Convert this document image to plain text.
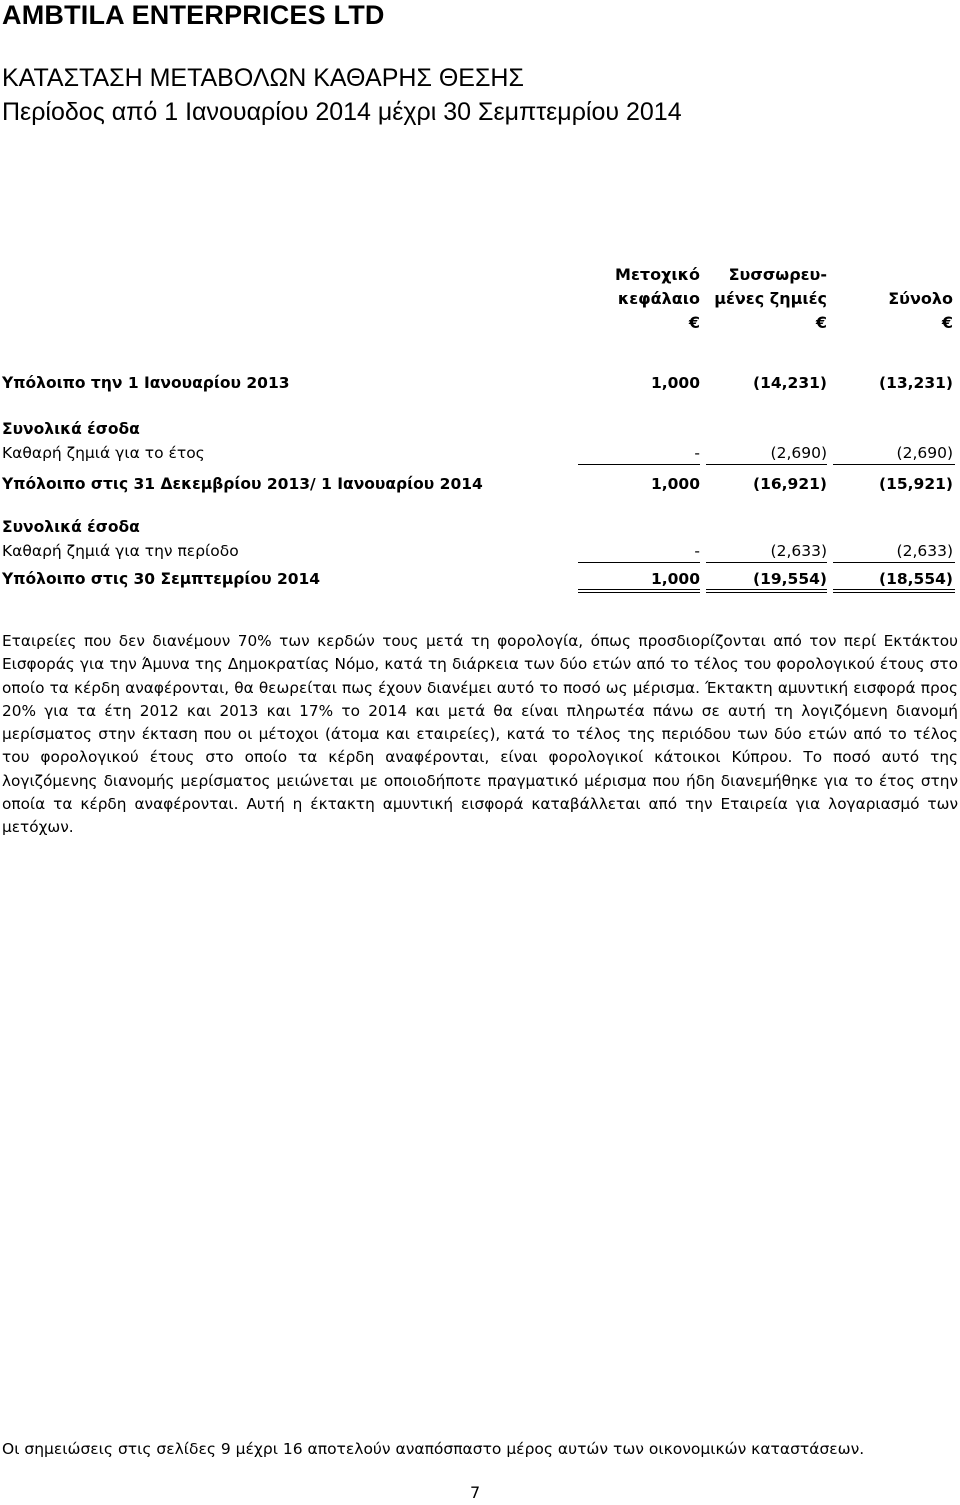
AMBTILA ENTERPRICES LTD
ΚΑΤΑΣΤΑΣΗ ΜΕΤΑΒΟΛΩΝ ΚΑΘΑΡΗΣ ΘΕΣΗΣ
Περίοδος από 1 Ιανουαρίου 2014 μέχρι 30 Σεμπτεμρίου 2014
Μετοχικό
κεφάλαιο
€
Συσσωρευ-
μένες ζημιές
€
Σύνολο
€
Υπόλοιπο την 1 Ιανουαρίου 2013	1,000	(14,231)	(13,231)
Συνολικά έσοδα
Καθαρή ζημιά για το έτος	-	(2,690)	(2,690)
Υπόλοιπο στις 31 Δεκεμβρίου 2013/ 1 Ιανουαρίου 2014	1,000	(16,921)	(15,921)
Συνολικά έσοδα
Καθαρή ζημιά για την περίοδο	-	(2,633)	(2,633)
Υπόλοιπο στις 30 Σεμπτεμρίου 2014	1,000	(19,554)	(18,554)
Εταιρείες που δεν διανέμουν 70% των κερδών τους μετά τη φορολογία, όπως προσδιορίζονται από τον περί Εκτάκτου Εισφοράς για την Άμυνα της Δημοκρατίας Νόμο, κατά τη διάρκεια των δύο ετών από το τέλος του φορολογικού έτους στο οποίο τα κέρδη αναφέρονται, θα θεωρείται πως έχουν διανέμει αυτό το ποσό ως μέρισμα. Έκτακτη αμυντική εισφορά προς 20% για τα έτη 2012 και 2013 και 17% το 2014 και μετά θα είναι πληρωτέα πάνω σε αυτή τη λογιζόμενη διανομή μερίσματος στην έκταση που οι μέτοχοι (άτομα και εταιρείες), κατά το τέλος της περιόδου των δύο ετών από το τέλος του φορολογικού έτους στο οποίο τα κέρδη αναφέρονται, είναι φορολογικοί κάτοικοι Κύπρου. Το ποσό αυτό της λογιζόμενης διανομής μερίσματος μειώνεται με οποιοδήποτε πραγματικό μέρισμα που ήδη διανεμήθηκε για το έτος στην οποία τα κέρδη αναφέρονται. Αυτή η έκτακτη αμυντική εισφορά καταβάλλεται από την Εταιρεία για λογαριασμό των μετόχων.
Οι σημειώσεις στις σελίδες 9 μέχρι 16 αποτελούν αναπόσπαστο μέρος αυτών των οικονομικών καταστάσεων.
7
